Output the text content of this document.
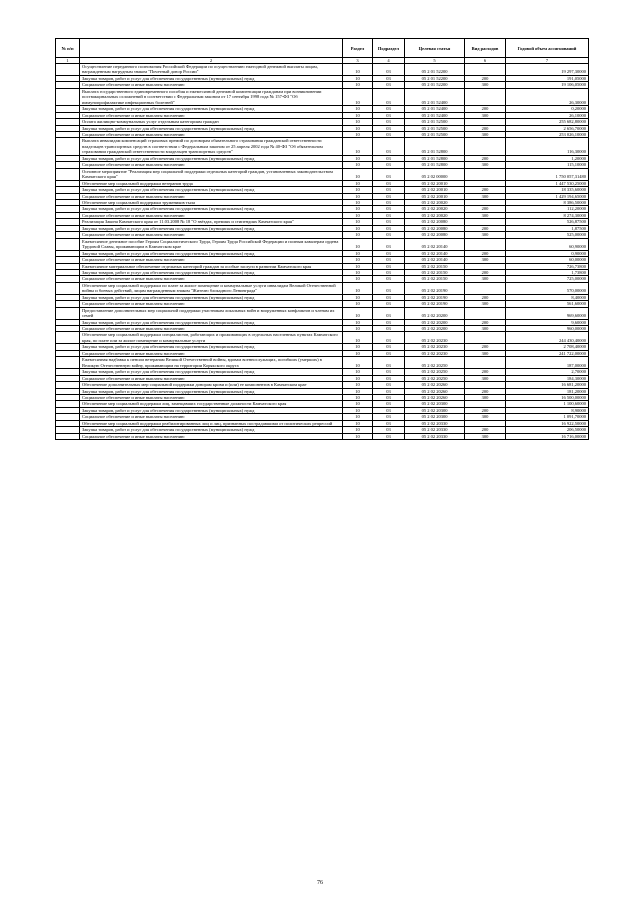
№ п/п		Раздел	Подраздел	Целевая статья	Вид расходов	Годовой объем ассигнований
1	2	3	4	5	6	7
	Осуществление переданного полномочия Российской Федерации по осуществлению ежегодной денежной выплаты лицам, награжденным нагрудным знаком "Почетный донор России"	10	03	05 2 01 52200		19 297,30000
	Закупка товаров, работ и услуг для обеспечения государственных (муниципальных) нужд	10	03	05 2 01 52200	200	191,05000
	Социальное обеспечение и иные выплаты населению	10	03	05 2 01 52200	300	19 106,05000
	Выплата государственного единовременного пособия и ежемесячной денежной компенсации гражданам при возникновении поствакцинальных осложнений в соответствии с Федеральным законом от 17 сентября 1998 года № 157-ФЗ "Об иммунопрофилактике инфекционных болезней"	10	03	05 2 01 52400		26,30000
	Закупка товаров, работ и услуг для обеспечения государственных (муниципальных) нужд	10	03	05 2 01 52400	200	0,20000
	Социальное обеспечение и иные выплаты населению	10	03	05 2 01 52400	300	26,10000
	Оплата жилищно-коммунальных услуг отдельным категориям граждан	10	03	05 2 01 52500		255 682,80000
	Закупка товаров, работ и услуг для обеспечения государственных (муниципальных) нужд	10	03	05 2 01 52500	200	2 656,70000
	Социальное обеспечение и иные выплаты населению	10	03	05 2 01 52500	300	253 026,10000
	Выплата инвалидам компенсаций страховых премий по договорам обязательного страхования гражданской ответственности владельцев транспортных средств в соответствии с Федеральным законом от 25 апреля 2002 года № 40-ФЗ "Об обязательном страховании гражданской ответственности владельцев транспортных средств"	10	03	05 2 01 52800		116,30000
	Закупка товаров, работ и услуг для обеспечения государственных (муниципальных) нужд	10	03	05 2 01 52800	200	1,20000
	Социальное обеспечение и иные выплаты населению	10	03	05 2 01 52800	300	115,10000
	Основное мероприятие "Реализация мер социальной поддержки отдельных категорий граждан, установленных законодательством Камчатского края"	10	03	05 2 02 00000		1 750 057,31480
	Обеспечение мер социальной поддержки ветеранов труда	10	03	05 2 02 20010		1 447 530,25000
	Закупка товаров, работ и услуг для обеспечения государственных (муниципальных) нужд	10	03	05 2 02 20010	200	18 335,60000
	Социальное обеспечение и иные выплаты населению	10	03	05 2 02 20010	300	1 429 194,65000
	Обеспечение мер социальной поддержки тружеников тыла	10	03	05 2 02 20020		8 386,50000
	Закупка товаров, работ и услуг для обеспечения государственных (муниципальных) нужд	10	03	05 2 02 20020	200	112,20000
	Социальное обеспечение и иные выплаты населению	10	03	05 2 02 20020	300	8 274,30000
	Реализация Закона Камчатского края от 11.03.2008 № 18 "О звёздах, премиях и стипендиях Камчатского края"	10	03	05 2 02 20080		526,87500
	Закупка товаров, работ и услуг для обеспечения государственных (муниципальных) нужд	10	03	05 2 02 20080	200	1,87500
	Социальное обеспечение и иные выплаты населению	10	03	05 2 02 20080	300	525,00000
	Ежемесячное денежное пособие Героям Социалистического Труда, Героям Труда Российской Федерации и полным кавалерам ордена Трудовой Славы, проживающим в Камчатском крае	10	03	05 2 02 20140		60,90000
	Закупка товаров, работ и услуг для обеспечения государственных (муниципальных) нужд	10	03	05 2 02 20140	200	0,90000
	Социальное обеспечение и иные выплаты населению	10	03	05 2 02 20140	300	60,00000
	Ежемесячное материальное обеспечение отдельных категорий граждан за особые заслуги в развитии Камчатского края	10	03	05 2 02 20150		726,73800
	Закупка товаров, работ и услуг для обеспечения государственных (муниципальных) нужд	10	03	05 2 02 20150	200	1,73800
	Социальное обеспечение и иные выплаты населению	10	03	05 2 02 20150	300	725,00000
	Обеспечение мер социальной поддержки по плате за жилое помещение и коммунальные услуги инвалидам Великой Отечественной войны и боевых действий, лицам награжденным знаком "Жителю блокадного Ленинграда"	10	03	05 2 02 20190		570,00000
	Закупка товаров, работ и услуг для обеспечения государственных (муниципальных) нужд	10	03	05 2 02 20190	200	8,40000
	Социальное обеспечение и иные выплаты населению	10	03	05 2 02 20190	300	561,60000
	Предоставление дополнительных мер социальной поддержки участникам локальных войн и вооруженных конфликтов и членам их семей	10	03	05 2 02 20200		969,60000
	Закупка товаров, работ и услуг для обеспечения государственных (муниципальных) нужд	10	03	05 2 02 20200	200	9,60000
	Социальное обеспечение и иные выплаты населению	10	03	05 2 02 20200	300	960,00000
	Обеспечение мер социальной поддержки специалистов, работающих и проживающих в отдельных населенных пунктах Камчатского края, по плате или за жилое помещение и коммунальные услуги	10	03	05 2 02 20230		244 430,40000
	Закупка товаров, работ и услуг для обеспечения государственных (муниципальных) нужд	10	03	05 2 02 20230	200	2 708,40000
	Социальное обеспечение и иные выплаты населению	10	03	05 2 02 20230	300	241 722,00000
	Ежемесячная надбавка к пенсии ветеранам Великой Отечественной войны, вдовам военнослужащих, погибших (умерших) в Великую Отечественную войну, проживающим на территории Корякского округа	10	03	05 2 02 20250		187,00000
	Закупка товаров, работ и услуг для обеспечения государственных (муниципальных) нужд	10	03	05 2 02 20250	200	2,70000
	Социальное обеспечение и иные выплаты населению	10	03	05 2 02 20250	300	184,30000
	Обеспечение дополнительных мер социальной поддержки донорам крови и (или) ее компонентов в Камчатском крае	10	03	05 2 02 20260		16 681,20000
	Закупка товаров, работ и услуг для обеспечения государственных (муниципальных) нужд	10	03	05 2 02 20260	200	181,20000
	Социальное обеспечение и иные выплаты населению	10	03	05 2 02 20260	300	16 500,00000
	Обеспечение мер социальной поддержки лиц, замещавших государственные должности Камчатского края	10	03	05 2 02 20300		1 100,60000
	Закупка товаров, работ и услуг для обеспечения государственных (муниципальных) нужд	10	03	05 2 02 20300	200	8,90000
	Социальное обеспечение и иные выплаты населению	10	03	05 2 02 20300	300	1 091,70000
	Обеспечение мер социальной поддержки реабилитированных лиц и лиц, признанных пострадавшими от политических репрессий	10	03	05 2 02 20330		16 922,50000
	Закупка товаров, работ и услуг для обеспечения государственных (муниципальных) нужд	10	03	05 2 02 20330	200	206,50000
	Социальное обеспечение и иные выплаты населению	10	03	05 2 02 20330	300	16 716,00000
76
